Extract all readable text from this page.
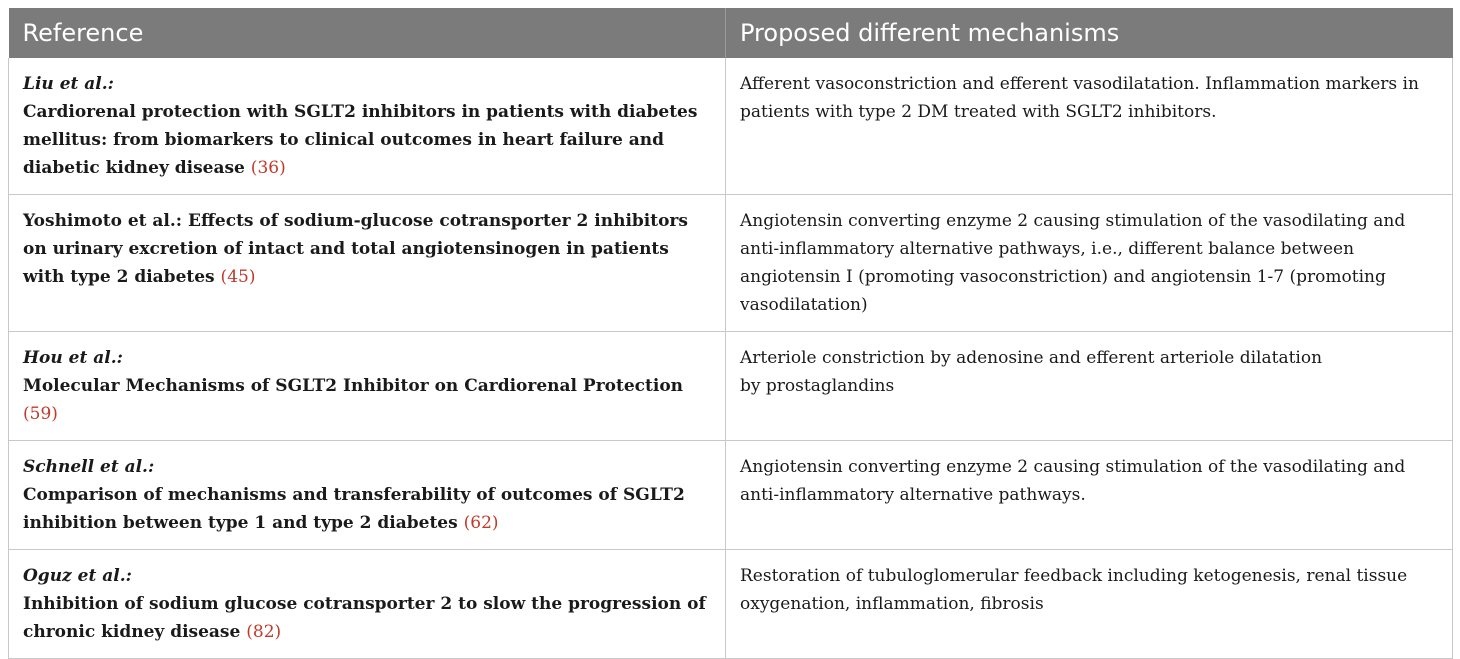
Reference	Proposed different mechanisms

Liu et al.:
Cardiorenal protection with SGLT2 inhibitors in patients with diabetes mellitus: from biomarkers to clinical outcomes in heart failure and diabetic kidney disease (36)	Afferent vasoconstriction and efferent vasodilatation. Inflammation markers in patients with type 2 DM treated with SGLT2 inhibitors.
Yoshimoto et al.: Effects of sodium-glucose cotransporter 2 inhibitors on urinary excretion of intact and total angiotensinogen in patients with type 2 diabetes (45)	Angiotensin converting enzyme 2 causing stimulation of the vasodilating and anti-inflammatory alternative pathways, i.e., different balance between angiotensin I (promoting vasoconstriction) and angiotensin 1-7 (promoting vasodilatation)

Hou et al.:
Molecular Mechanisms of SGLT2 Inhibitor on Cardiorenal Protection (59)	Arteriole constriction by adenosine and efferent arteriole dilatation
by prostaglandins

Schnell et al.:
Comparison of mechanisms and transferability of outcomes of SGLT2 inhibition between type 1 and type 2 diabetes (62)	Angiotensin converting enzyme 2 causing stimulation of the vasodilating and anti-inflammatory alternative pathways.

Oguz et al.:
Inhibition of sodium glucose cotransporter 2 to slow the progression of chronic kidney disease (82)	Restoration of tubuloglomerular feedback including ketogenesis, renal tissue oxygenation, inflammation, fibrosis
